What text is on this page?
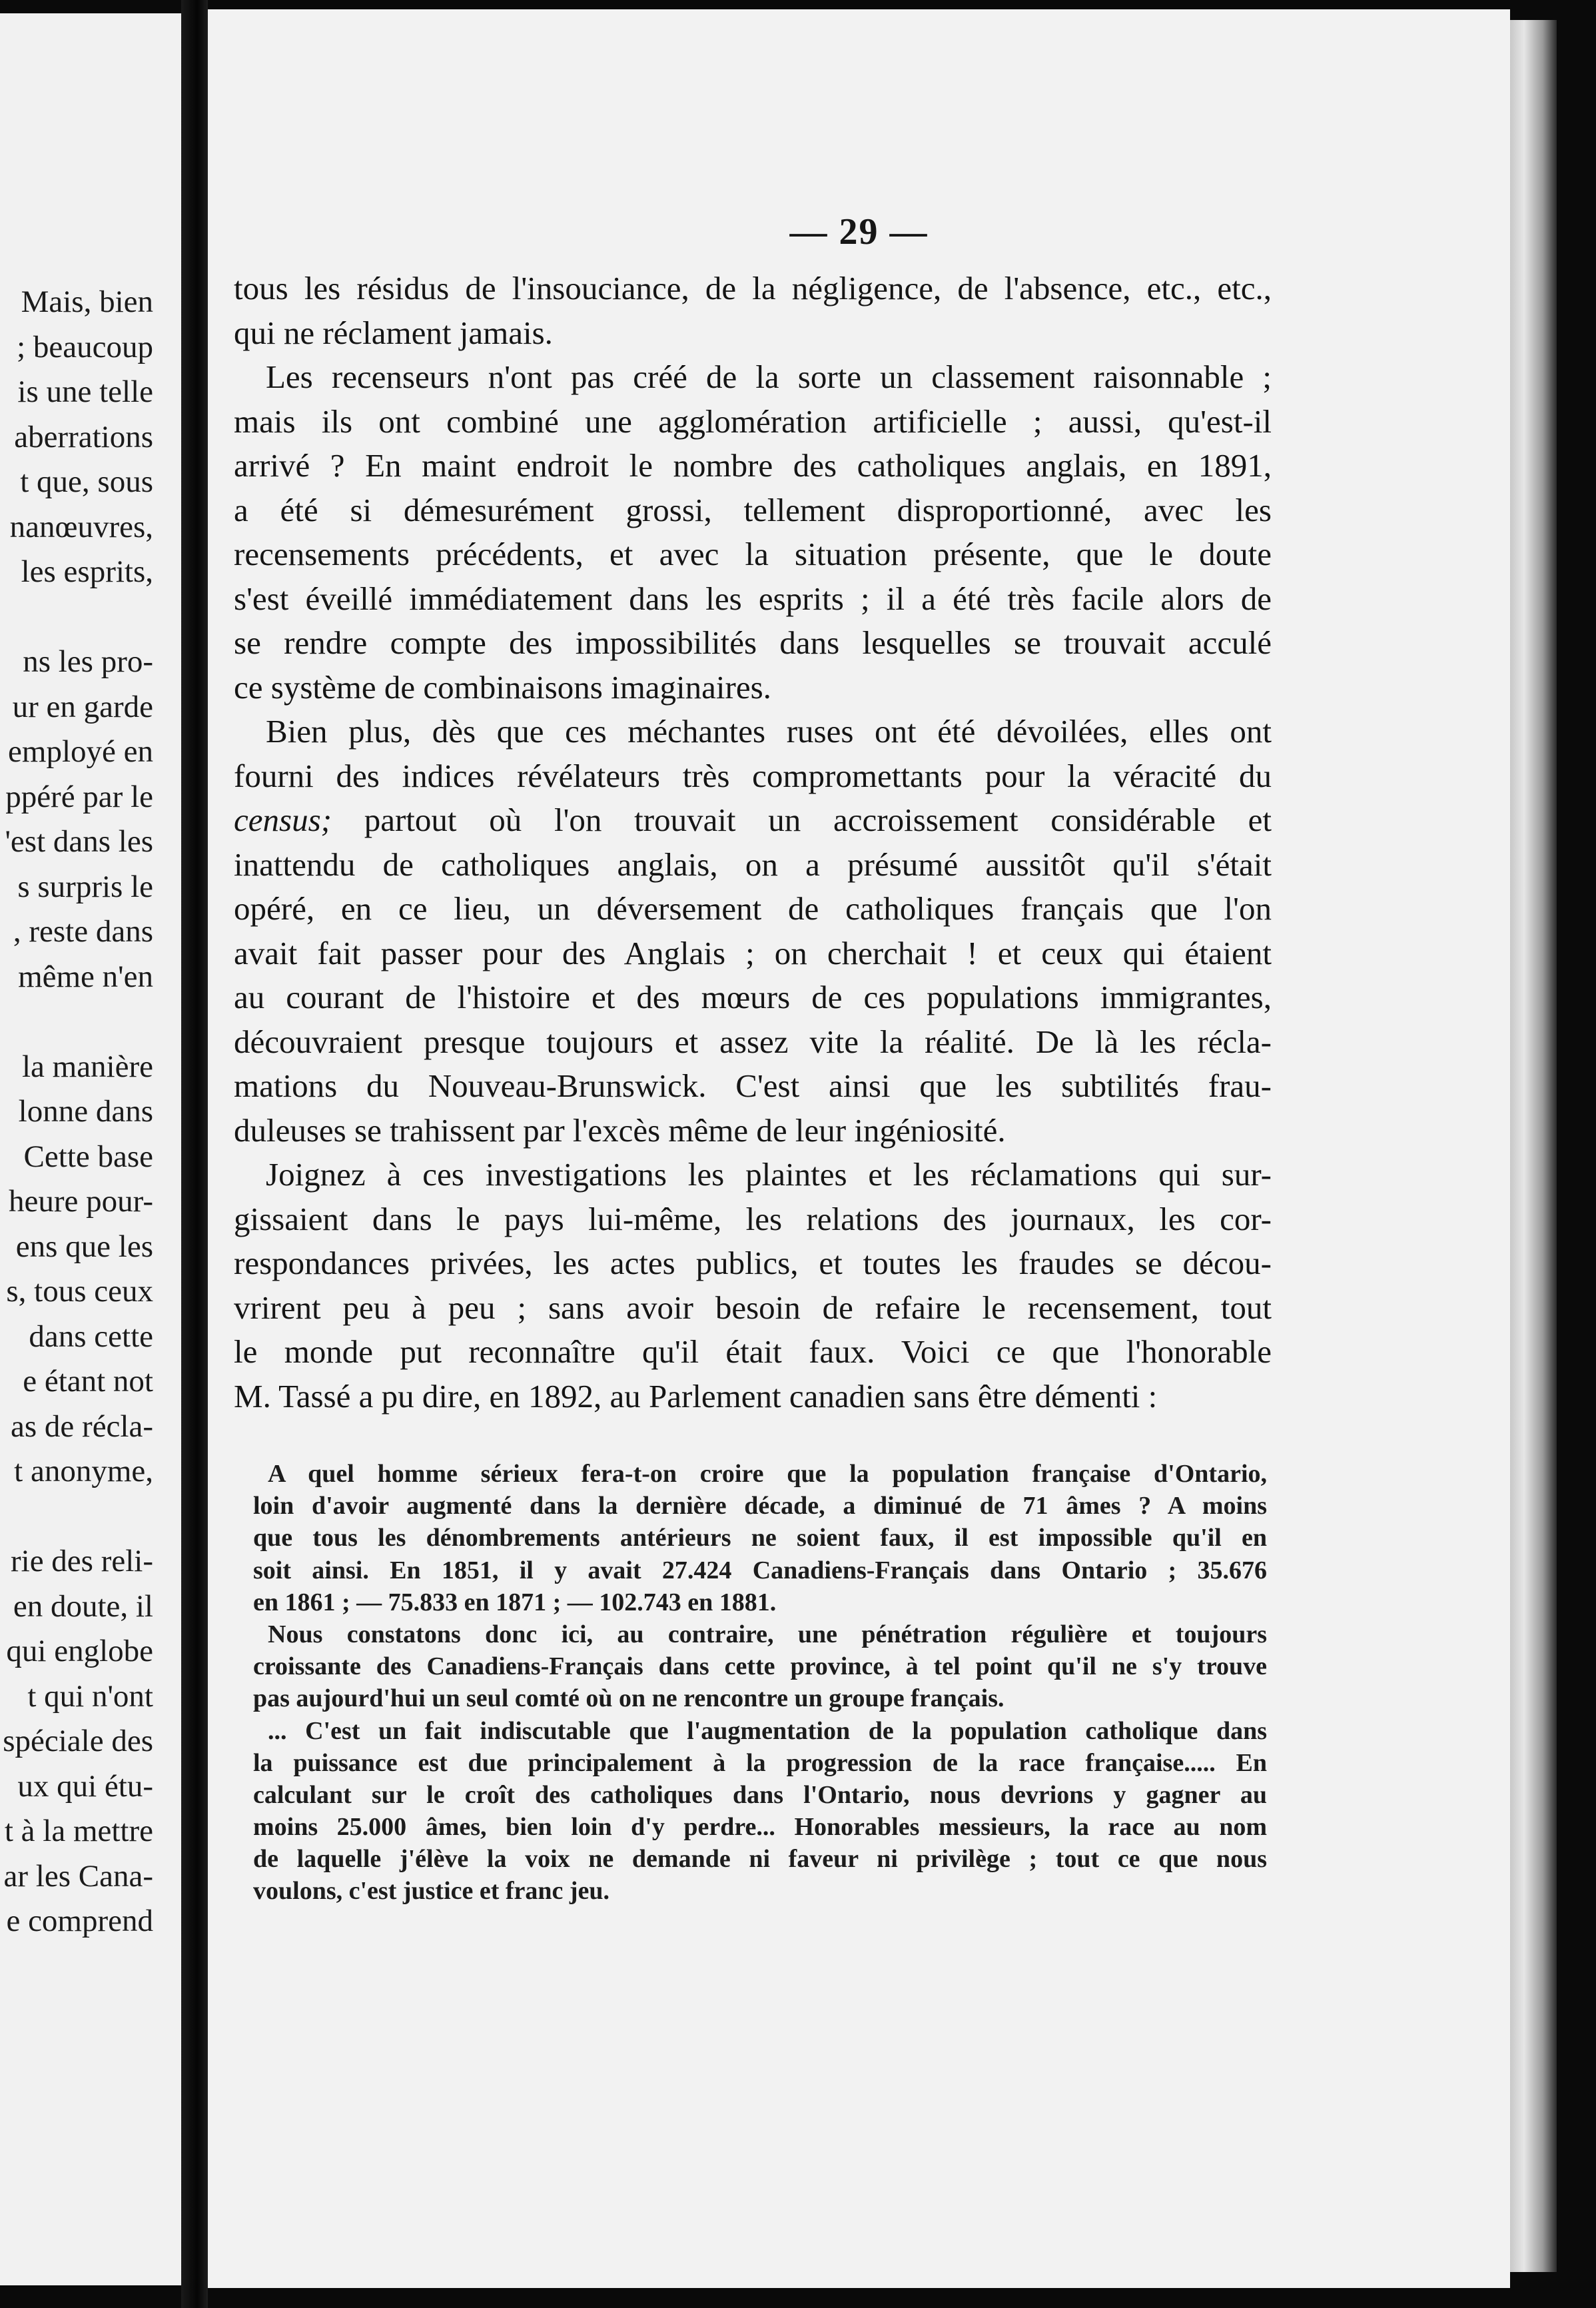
Mais, bien
; beaucoup
is une telle
aberrations
t que, sous
nanœuvres,
les esprits,
ns les pro-
ur en garde
employé en
ppéré par le
'est dans les
s surpris le
, reste dans
même n'en
la manière
lonne dans
Cette base
heure pour-
ens que les
s, tous ceux
dans cette
e étant not
as de récla-
t anonyme,
rie des reli-
en doute, il
qui englobe
t qui n'ont
spéciale des
ux qui étu-
t à la mettre
ar les Cana-
e comprend
— 29 —
tous les résidus de l'insouciance, de la négligence, de l'absence, etc., etc.,
qui ne réclament jamais.
Les recenseurs n'ont pas créé de la sorte un classement raisonnable ;
mais ils ont combiné une agglomération artificielle ; aussi, qu'est-il
arrivé ? En maint endroit le nombre des catholiques anglais, en 1891,
a été si démesurément grossi, tellement disproportionné, avec les
recensements précédents, et avec la situation présente, que le doute
s'est éveillé immédiatement dans les esprits ; il a été très facile alors de
se rendre compte des impossibilités dans lesquelles se trouvait acculé
ce système de combinaisons imaginaires.
Bien plus, dès que ces méchantes ruses ont été dévoilées, elles ont
fourni des indices révélateurs très compromettants pour la véracité du
census; partout où l'on trouvait un accroissement considérable et
inattendu de catholiques anglais, on a présumé aussitôt qu'il s'était
opéré, en ce lieu, un déversement de catholiques français que l'on
avait fait passer pour des Anglais ; on cherchait ! et ceux qui étaient
au courant de l'histoire et des mœurs de ces populations immigrantes,
découvraient presque toujours et assez vite la réalité. De là les récla-
mations du Nouveau-Brunswick. C'est ainsi que les subtilités frau-
duleuses se trahissent par l'excès même de leur ingéniosité.
Joignez à ces investigations les plaintes et les réclamations qui sur-
gissaient dans le pays lui-même, les relations des journaux, les cor-
respondances privées, les actes publics, et toutes les fraudes se décou-
vrirent peu à peu ; sans avoir besoin de refaire le recensement, tout
le monde put reconnaître qu'il était faux. Voici ce que l'honorable
M. Tassé a pu dire, en 1892, au Parlement canadien sans être démenti :
A quel homme sérieux fera-t-on croire que la population française d'Ontario,
loin d'avoir augmenté dans la dernière décade, a diminué de 71 âmes ? A moins
que tous les dénombrements antérieurs ne soient faux, il est impossible qu'il en
soit ainsi. En 1851, il y avait 27.424 Canadiens-Français dans Ontario ; 35.676
en 1861 ; — 75.833 en 1871 ; — 102.743 en 1881.
Nous constatons donc ici, au contraire, une pénétration régulière et toujours
croissante des Canadiens-Français dans cette province, à tel point qu'il ne s'y trouve
pas aujourd'hui un seul comté où on ne rencontre un groupe français.
... C'est un fait indiscutable que l'augmentation de la population catholique dans
la puissance est due principalement à la progression de la race française..... En
calculant sur le croît des catholiques dans l'Ontario, nous devrions y gagner au
moins 25.000 âmes, bien loin d'y perdre... Honorables messieurs, la race au nom
de laquelle j'élève la voix ne demande ni faveur ni privilège ; tout ce que nous
voulons, c'est justice et franc jeu.
